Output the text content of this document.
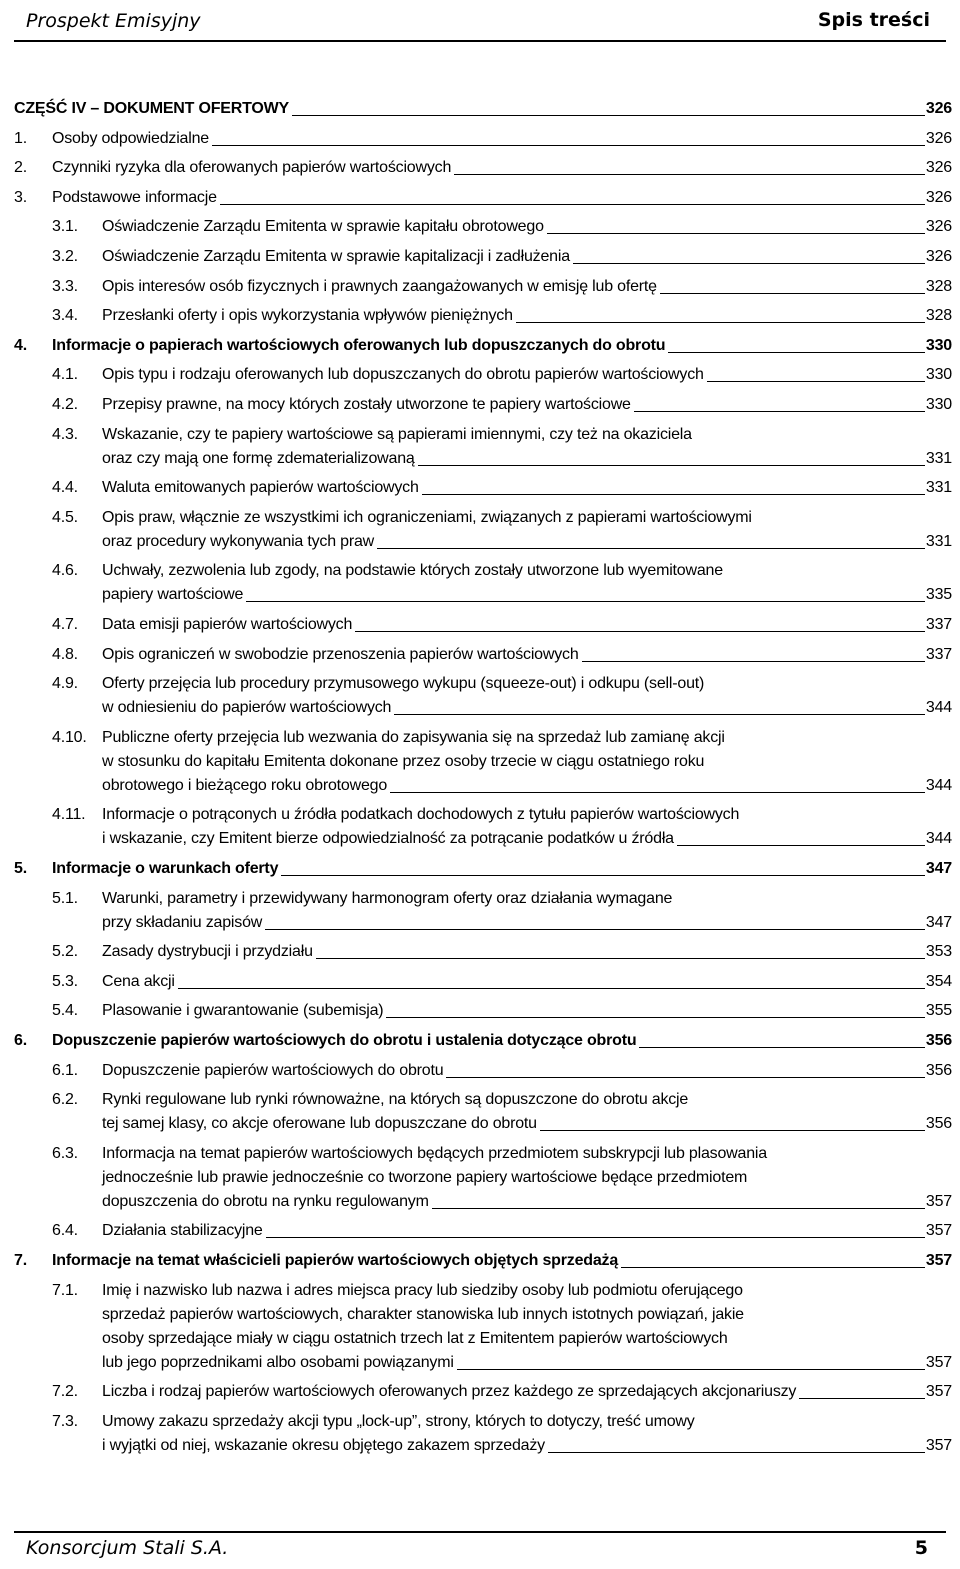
Prospekt Emisyjny	Spis treści
CZĘŚĆ IV – DOKUMENT OFERTOWY	326
1. Osoby odpowiedzialne	326
2. Czynniki ryzyka dla oferowanych papierów wartościowych	326
3. Podstawowe informacje	326
3.1. Oświadczenie Zarządu Emitenta w sprawie kapitału obrotowego	326
3.2. Oświadczenie Zarządu Emitenta w sprawie kapitalizacji i zadłużenia	326
3.3. Opis interesów osób fizycznych i prawnych zaangażowanych w emisję lub ofertę	328
3.4. Przesłanki oferty i opis wykorzystania wpływów pieniężnych	328
4. Informacje o papierach wartościowych oferowanych lub dopuszczanych do obrotu	330
4.1. Opis typu i rodzaju oferowanych lub dopuszczanych do obrotu papierów wartościowych	330
4.2. Przepisy prawne, na mocy których zostały utworzone te papiery wartościowe	330
4.3. Wskazanie, czy te papiery wartościowe są papierami imiennymi, czy też na okaziciela
oraz czy mają one formę zdematerializowaną	331
4.4. Waluta emitowanych papierów wartościowych	331
4.5. Opis praw, włącznie ze wszystkimi ich ograniczeniami, związanych z papierami wartościowymi
oraz procedury wykonywania tych praw	331
4.6. Uchwały, zezwolenia lub zgody, na podstawie których zostały utworzone lub wyemitowane
papiery wartościowe	335
4.7. Data emisji papierów wartościowych	337
4.8. Opis ograniczeń w swobodzie przenoszenia papierów wartościowych	337
4.9. Oferty przejęcia lub procedury przymusowego wykupu (squeeze-out) i odkupu (sell-out)
w odniesieniu do papierów wartościowych	344
4.10. Publiczne oferty przejęcia lub wezwania do zapisywania się na sprzedaż lub zamianę akcji
w stosunku do kapitału Emitenta dokonane przez osoby trzecie w ciągu ostatniego roku
obrotowego i bieżącego roku obrotowego	344
4.11. Informacje o potrąconych u źródła podatkach dochodowych z tytułu papierów wartościowych
i wskazanie, czy Emitent bierze odpowiedzialność za potrącanie podatków u źródła	344
5. Informacje o warunkach oferty	347
5.1. Warunki, parametry i przewidywany harmonogram oferty oraz działania wymagane
przy składaniu zapisów	347
5.2. Zasady dystrybucji i przydziału	353
5.3. Cena akcji	354
5.4. Plasowanie i gwarantowanie (subemisja)	355
6. Dopuszczenie papierów wartościowych do obrotu i ustalenia dotyczące obrotu	356
6.1. Dopuszczenie papierów wartościowych do obrotu	356
6.2. Rynki regulowane lub rynki równoważne, na których są dopuszczone do obrotu akcje
tej samej klasy, co akcje oferowane lub dopuszczane do obrotu	356
6.3. Informacja na temat papierów wartościowych będących przedmiotem subskrypcji lub plasowania
jednocześnie lub prawie jednocześnie co tworzone papiery wartościowe będące przedmiotem
dopuszczenia do obrotu na rynku regulowanym	357
6.4. Działania stabilizacyjne	357
7. Informacje na temat właścicieli papierów wartościowych objętych sprzedażą	357
7.1. Imię i nazwisko lub nazwa i adres miejsca pracy lub siedziby osoby lub podmiotu oferującego
sprzedaż papierów wartościowych, charakter stanowiska lub innych istotnych powiązań, jakie
osoby sprzedające miały w ciągu ostatnich trzech lat z Emitentem papierów wartościowych
lub jego poprzednikami albo osobami powiązanymi	357
7.2. Liczba i rodzaj papierów wartościowych oferowanych przez każdego ze sprzedających akcjonariuszy	357
7.3. Umowy zakazu sprzedaży akcji typu „lock-up”, strony, których to dotyczy, treść umowy
i wyjątki od niej, wskazanie okresu objętego zakazem sprzedaży	357
Konsorcjum Stali S.A.	5
